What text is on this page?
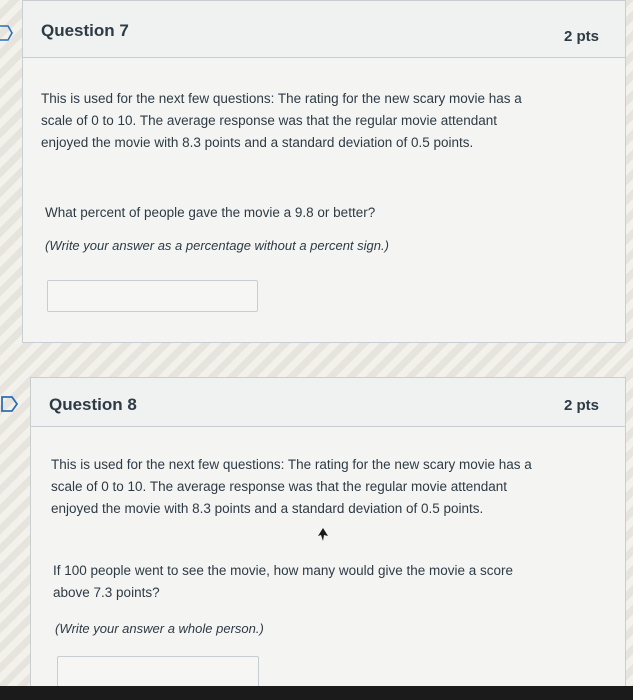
Question 7	2 pts
This is used for the next few questions: The rating for the new scary movie has a
scale of 0 to 10. The average response was that the regular movie attendant
enjoyed the movie with 8.3 points and a standard deviation of 0.5 points.
What percent of people gave the movie a 9.8 or better?
(Write your answer as a percentage without a percent sign.)
Question 8	2 pts
This is used for the next few questions: The rating for the new scary movie has a
scale of 0 to 10. The average response was that the regular movie attendant
enjoyed the movie with 8.3 points and a standard deviation of 0.5 points.
If 100 people went to see the movie, how many would give the movie a score
above 7.3 points?
(Write your answer a whole person.)
